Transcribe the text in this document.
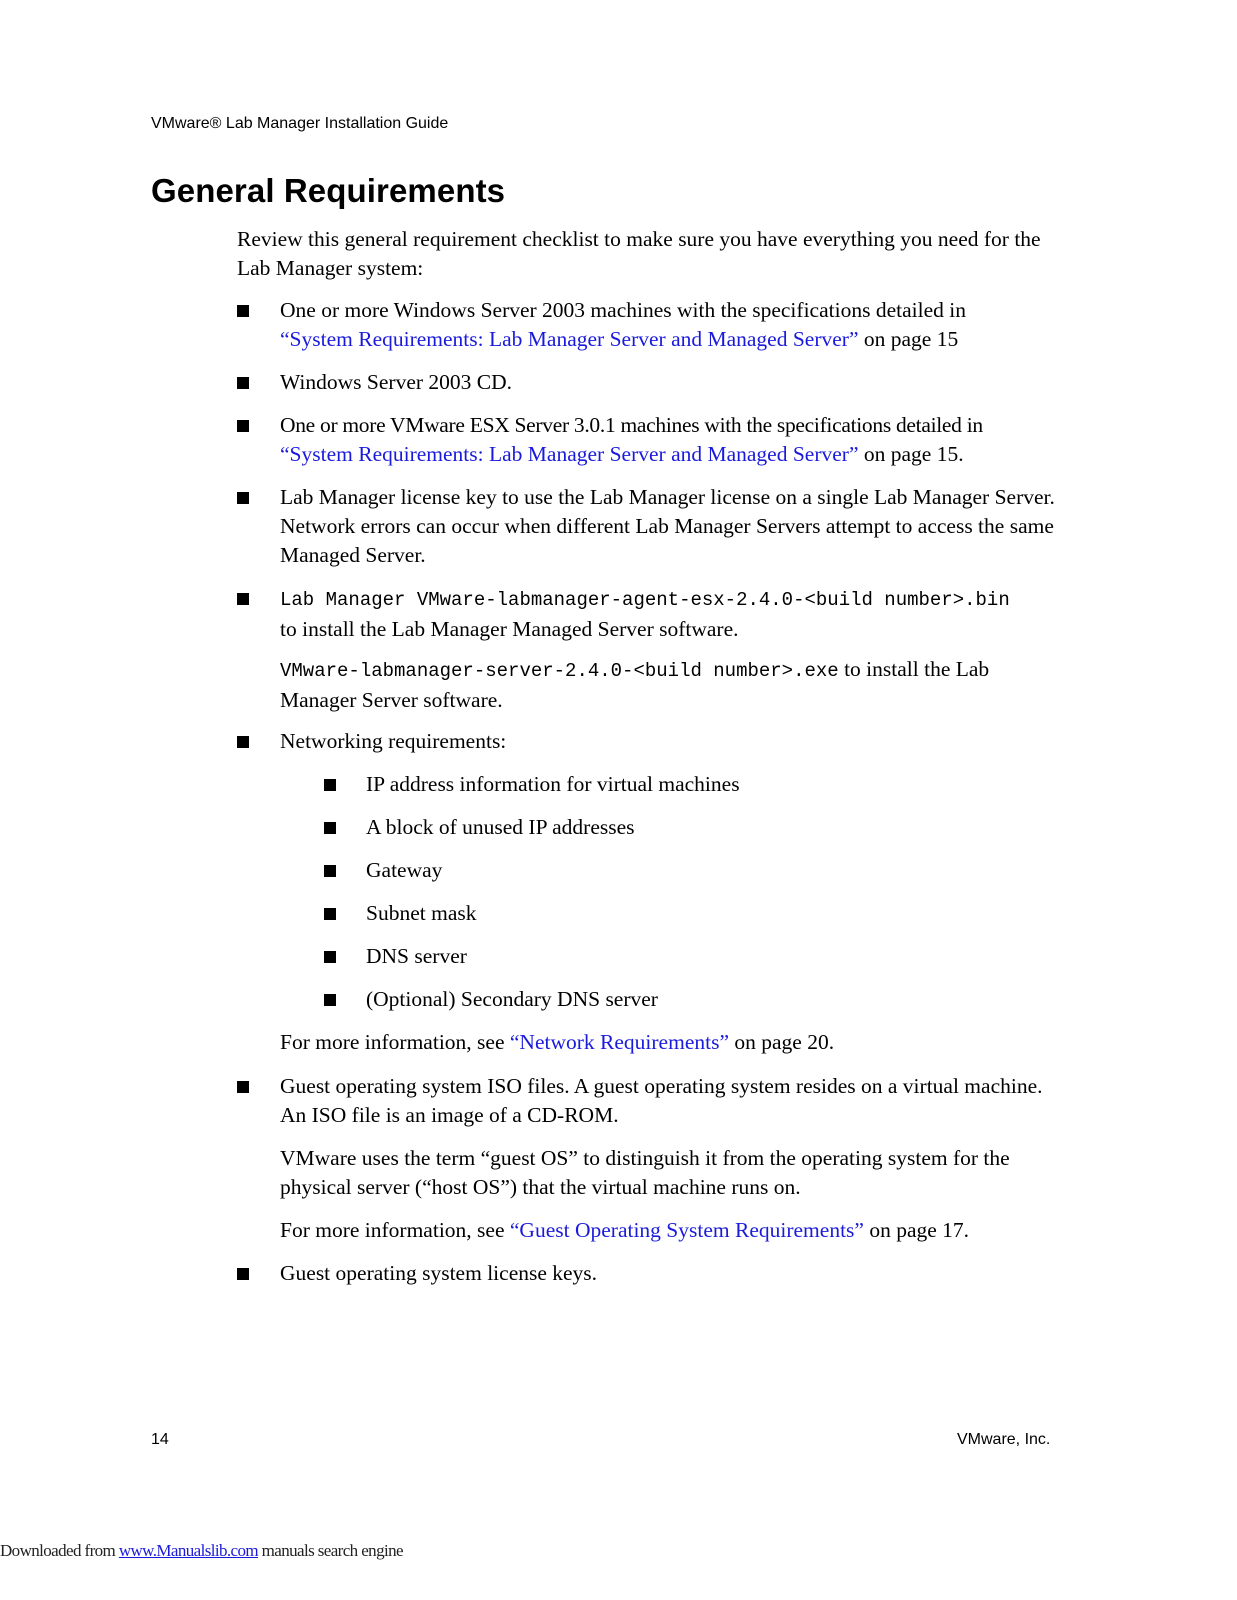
VMware® Lab Manager Installation Guide
General Requirements
Review this general requirement checklist to make sure you have everything you need for the Lab Manager system:
One or more Windows Server 2003 machines with the specifications detailed in
“System Requirements: Lab Manager Server and Managed Server” on page 15
Windows Server 2003 CD.
One or more VMware ESX Server 3.0.1 machines with the specifications detailed in
“System Requirements: Lab Manager Server and Managed Server” on page 15.
Lab Manager license key to use the Lab Manager license on a single Lab Manager Server. Network errors can occur when different Lab Manager Servers attempt to access the same Managed Server.
Lab Manager VMware-labmanager-agent-esx-2.4.0-<build number>.bin
to install the Lab Manager Managed Server software.
VMware-labmanager-server-2.4.0-<build number>.exe to install the Lab Manager Server software.
Networking requirements:
IP address information for virtual machines
A block of unused IP addresses
Gateway
Subnet mask
DNS server
(Optional) Secondary DNS server
For more information, see “Network Requirements” on page 20.
Guest operating system ISO files. A guest operating system resides on a virtual machine. An ISO file is an image of a CD-ROM.
VMware uses the term “guest OS” to distinguish it from the operating system for the physical server (“host OS”) that the virtual machine runs on.
For more information, see “Guest Operating System Requirements” on page 17.
Guest operating system license keys.
14	VMware, Inc.
Downloaded from www.Manualslib.com manuals search engine
